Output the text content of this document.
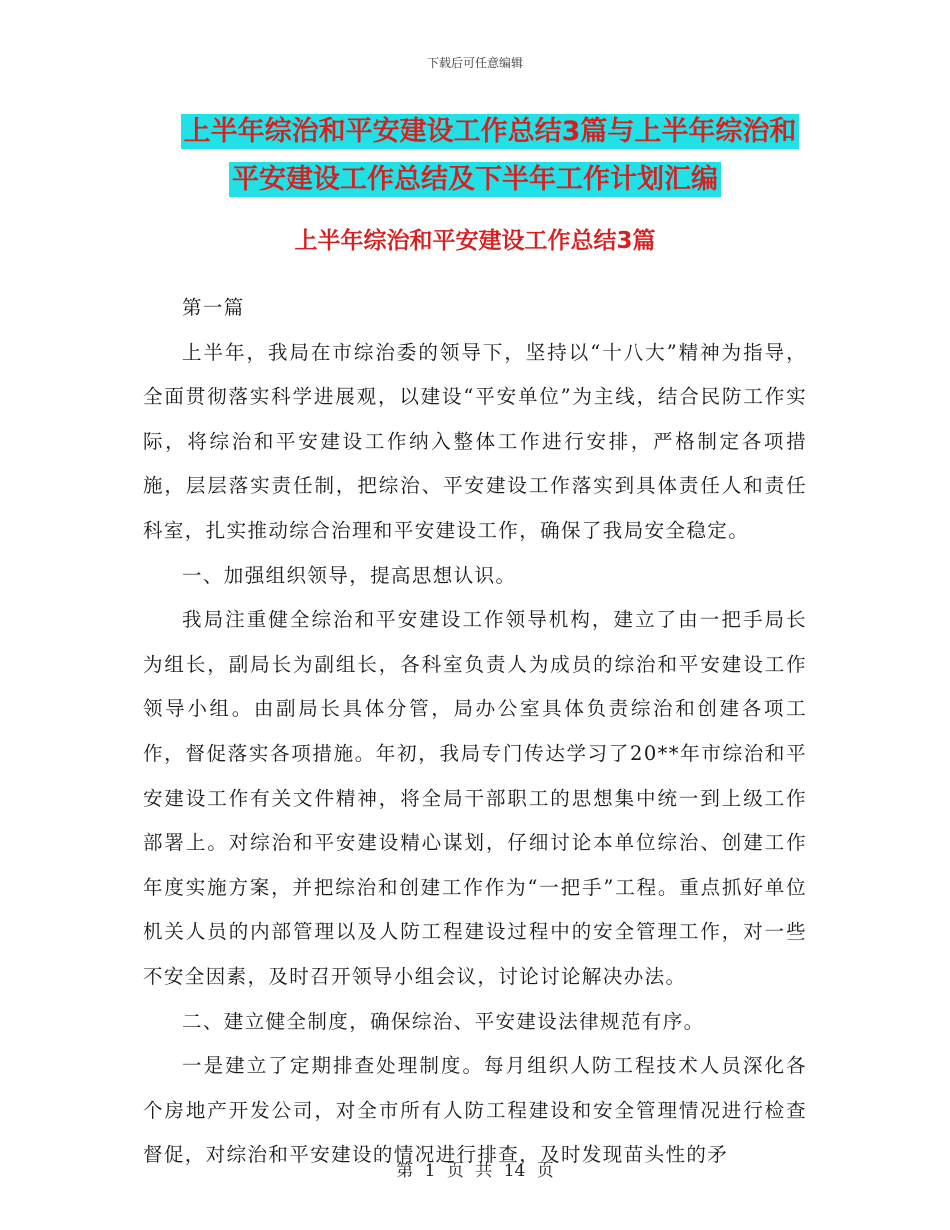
下载后可任意编辑
上半年综治和平安建设工作总结3篇与上半年综治和
平安建设工作总结及下半年工作计划汇编
上半年综治和平安建设工作总结3篇

第一篇

上半年，我局在市综治委的领导下，坚持以“十八大”精神为指导，全面贯彻落实科学进展观，以建设“平安单位”为主线，结合民防工作实际，将综治和平安建设工作纳入整体工作进行安排，严格制定各项措施，层层落实责任制，把综治、平安建设工作落实到具体责任人和责任科室，扎实推动综合治理和平安建设工作，确保了我局安全稳定。

一、加强组织领导，提高思想认识。

我局注重健全综治和平安建设工作领导机构，建立了由一把手局长为组长，副局长为副组长，各科室负责人为成员的综治和平安建设工作领导小组。由副局长具体分管，局办公室具体负责综治和创建各项工作，督促落实各项措施。年初，我局专门传达学习了20**年市综治和平安建设工作有关文件精神，将全局干部职工的思想集中统一到上级工作部署上。对综治和平安建设精心谋划，仔细讨论本单位综治、创建工作年度实施方案，并把综治和创建工作作为“一把手”工程。重点抓好单位机关人员的内部管理以及人防工程建设过程中的安全管理工作，对一些不安全因素，及时召开领导小组会议，讨论讨论解决办法。

二、建立健全制度，确保综治、平安建设法律规范有序。

一是建立了定期排查处理制度。每月组织人防工程技术人员深化各个房地产开发公司，对全市所有人防工程建设和安全管理情况进行检查督促，对综治和平安建设的情况进行排查，及时发现苗头性的矛

第 1 页 共 14 页
